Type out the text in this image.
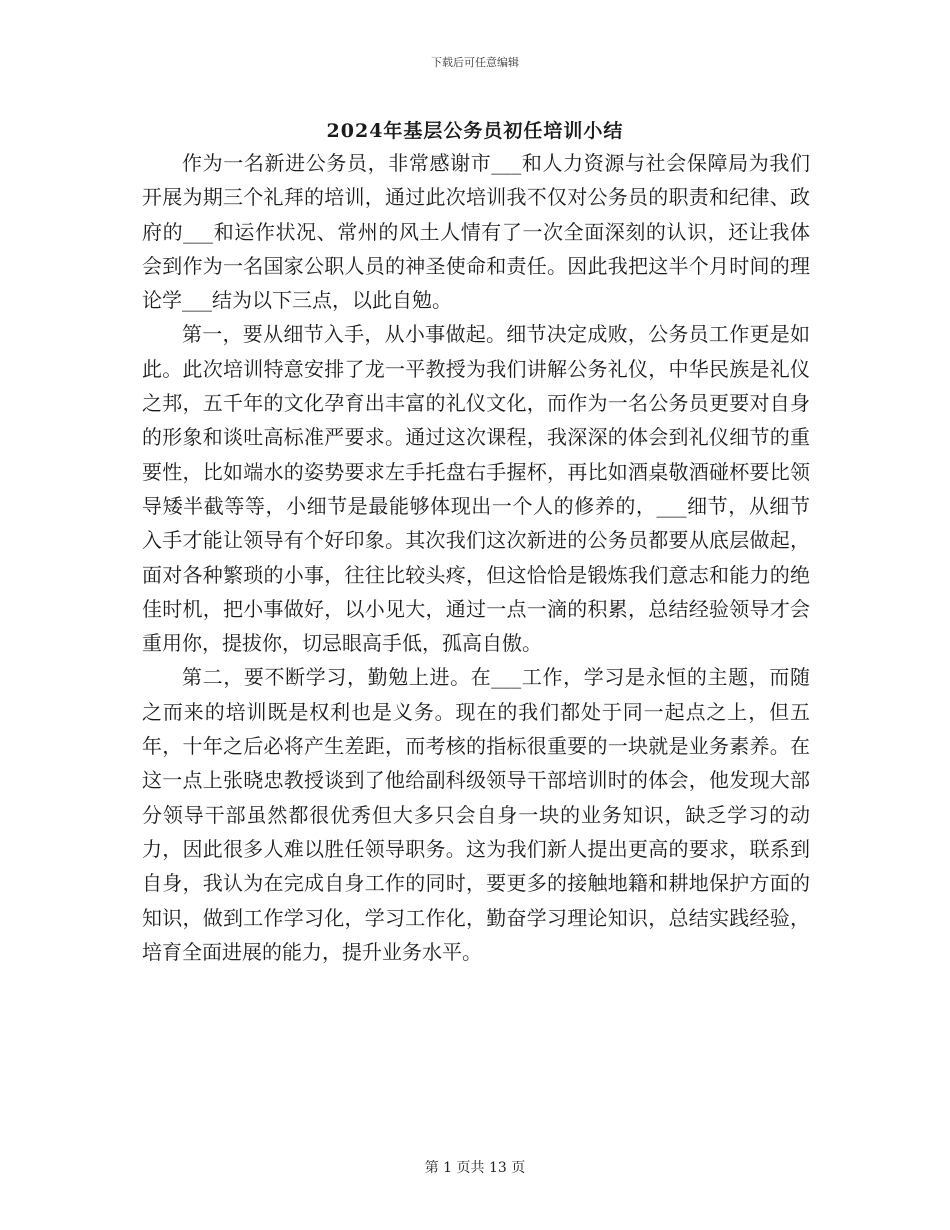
下载后可任意编辑
2024年基层公务员初任培训小结

作为一名新进公务员，非常感谢市___和人力资源与社会保障局为我们开展为期三个礼拜的培训，通过此次培训我不仅对公务员的职责和纪律、政府的___和运作状况、常州的风土人情有了一次全面深刻的认识，还让我体会到作为一名国家公职人员的神圣使命和责任。因此我把这半个月时间的理论学___结为以下三点，以此自勉。

第一，要从细节入手，从小事做起。细节决定成败，公务员工作更是如此。此次培训特意安排了龙一平教授为我们讲解公务礼仪，中华民族是礼仪之邦，五千年的文化孕育出丰富的礼仪文化，而作为一名公务员更要对自身的形象和谈吐高标准严要求。通过这次课程，我深深的体会到礼仪细节的重要性，比如端水的姿势要求左手托盘右手握杯，再比如酒桌敬酒碰杯要比领导矮半截等等，小细节是最能够体现出一个人的修养的，___细节，从细节入手才能让领导有个好印象。其次我们这次新进的公务员都要从底层做起，面对各种繁琐的小事，往往比较头疼，但这恰恰是锻炼我们意志和能力的绝佳时机，把小事做好，以小见大，通过一点一滴的积累，总结经验领导才会重用你，提拔你，切忌眼高手低，孤高自傲。

第二，要不断学习，勤勉上进。在___工作，学习是永恒的主题，而随之而来的培训既是权利也是义务。现在的我们都处于同一起点之上，但五年，十年之后必将产生差距，而考核的指标很重要的一块就是业务素养。在这一点上张晓忠教授谈到了他给副科级领导干部培训时的体会，他发现大部分领导干部虽然都很优秀但大多只会自身一块的业务知识，缺乏学习的动力，因此很多人难以胜任领导职务。这为我们新人提出更高的要求，联系到自身，我认为在完成自身工作的同时，要更多的接触地籍和耕地保护方面的知识，做到工作学习化，学习工作化，勤奋学习理论知识，总结实践经验，培育全面进展的能力，提升业务水平。

第 1 页共 13 页
